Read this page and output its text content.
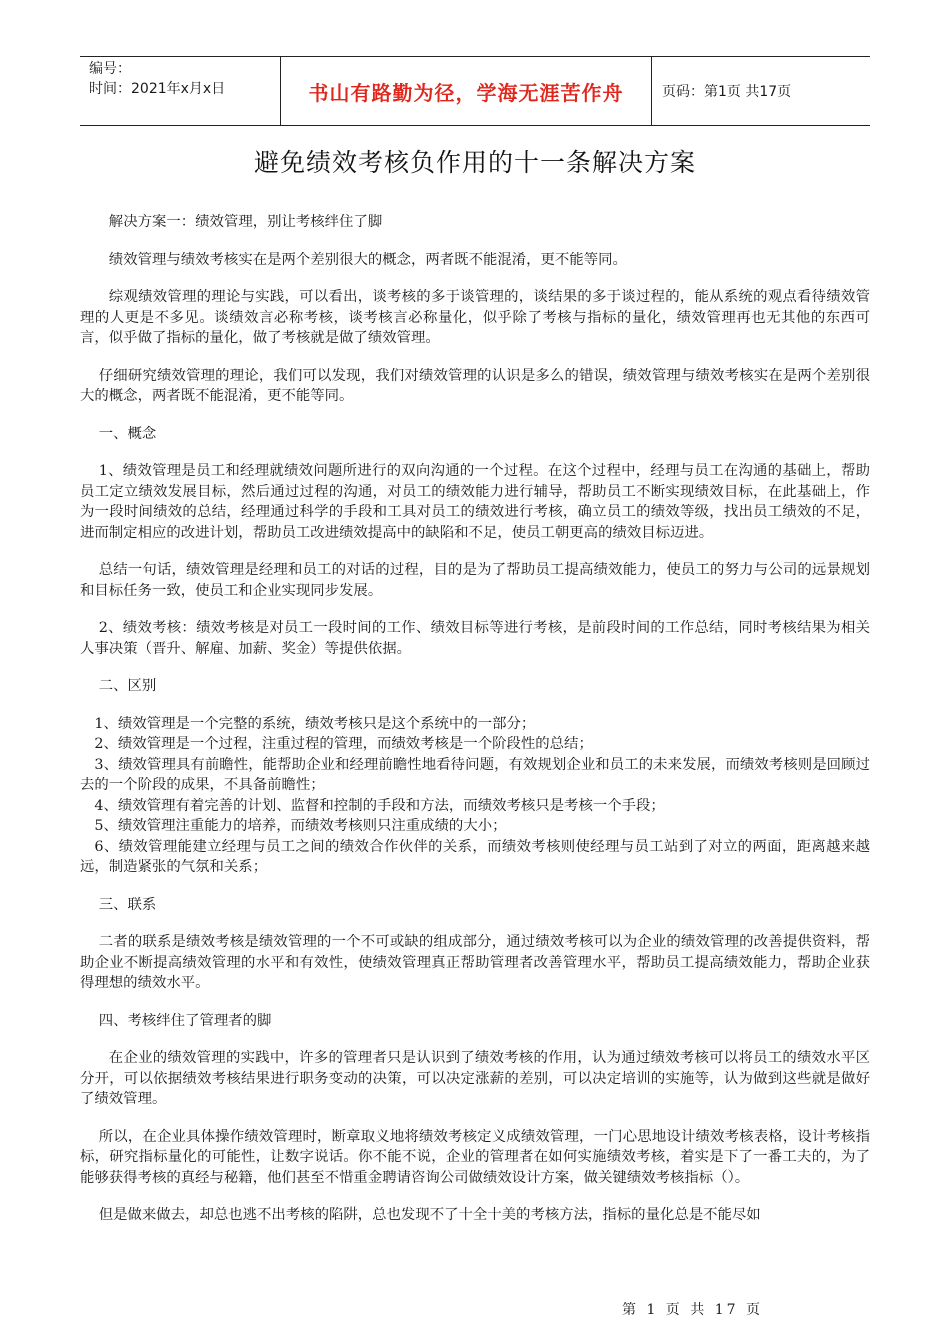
编号：
时间：2021年x月x日	书山有路勤为径，学海无涯苦作舟	页码：第1页 共17页
避免绩效考核负作用的十一条解决方案

解决方案一：绩效管理，别让考核绊住了脚

绩效管理与绩效考核实在是两个差别很大的概念，两者既不能混淆，更不能等同。

综观绩效管理的理论与实践，可以看出，谈考核的多于谈管理的，谈结果的多于谈过程的，能从系统的观点看待绩效管理的人更是不多见。谈绩效言必称考核，谈考核言必称量化，似乎除了考核与指标的量化，绩效管理再也无其他的东西可言，似乎做了指标的量化，做了考核就是做了绩效管理。

仔细研究绩效管理的理论，我们可以发现，我们对绩效管理的认识是多么的错误，绩效管理与绩效考核实在是两个差别很大的概念，两者既不能混淆，更不能等同。

一、概念

1、绩效管理是员工和经理就绩效问题所进行的双向沟通的一个过程。在这个过程中，经理与员工在沟通的基础上，帮助员工定立绩效发展目标，然后通过过程的沟通，对员工的绩效能力进行辅导，帮助员工不断实现绩效目标，在此基础上，作为一段时间绩效的总结，经理通过科学的手段和工具对员工的绩效进行考核，确立员工的绩效等级，找出员工绩效的不足，进而制定相应的改进计划，帮助员工改进绩效提高中的缺陷和不足，使员工朝更高的绩效目标迈进。

总结一句话，绩效管理是经理和员工的对话的过程，目的是为了帮助员工提高绩效能力，使员工的努力与公司的远景规划和目标任务一致，使员工和企业实现同步发展。

2、绩效考核：绩效考核是对员工一段时间的工作、绩效目标等进行考核，是前段时间的工作总结，同时考核结果为相关人事决策（晋升、解雇、加薪、奖金）等提供依据。

二、区别

1、绩效管理是一个完整的系统，绩效考核只是这个系统中的一部分；
2、绩效管理是一个过程，注重过程的管理，而绩效考核是一个阶段性的总结；
3、绩效管理具有前瞻性，能帮助企业和经理前瞻性地看待问题，有效规划企业和员工的未来发展，而绩效考核则是回顾过去的一个阶段的成果，不具备前瞻性；
4、绩效管理有着完善的计划、监督和控制的手段和方法，而绩效考核只是考核一个手段；
5、绩效管理注重能力的培养，而绩效考核则只注重成绩的大小；
6、绩效管理能建立经理与员工之间的绩效合作伙伴的关系，而绩效考核则使经理与员工站到了对立的两面，距离越来越远，制造紧张的气氛和关系；

三、联系

二者的联系是绩效考核是绩效管理的一个不可或缺的组成部分，通过绩效考核可以为企业的绩效管理的改善提供资料，帮助企业不断提高绩效管理的水平和有效性，使绩效管理真正帮助管理者改善管理水平，帮助员工提高绩效能力，帮助企业获得理想的绩效水平。

四、考核绊住了管理者的脚

在企业的绩效管理的实践中，许多的管理者只是认识到了绩效考核的作用，认为通过绩效考核可以将员工的绩效水平区分开，可以依据绩效考核结果进行职务变动的决策，可以决定涨薪的差别，可以决定培训的实施等，认为做到这些就是做好了绩效管理。

所以，在企业具体操作绩效管理时，断章取义地将绩效考核定义成绩效管理，一门心思地设计绩效考核表格，设计考核指标，研究指标量化的可能性，让数字说话。你不能不说，企业的管理者在如何实施绩效考核，着实是下了一番工夫的，为了能够获得考核的真经与秘籍，他们甚至不惜重金聘请咨询公司做绩效设计方案，做关键绩效考核指标（）。

但是做来做去，却总也逃不出考核的陷阱，总也发现不了十全十美的考核方法，指标的量化总是不能尽如

第 1 页 共 17 页
